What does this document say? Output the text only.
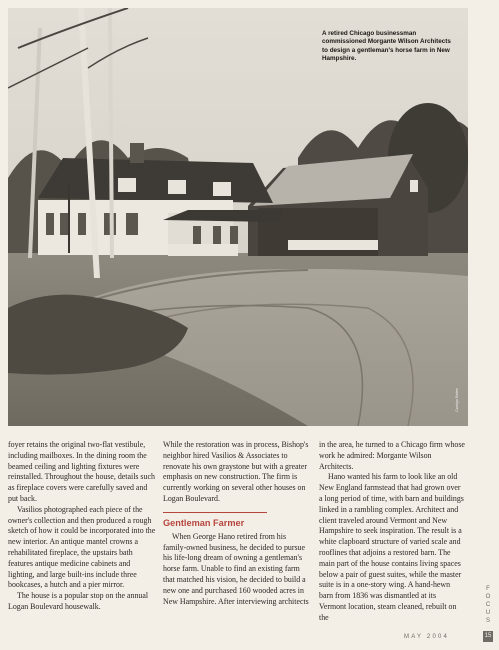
A retired Chicago businessman commissioned Morgante Wilson Architects to design a gentleman's horse farm in New Hampshire.
Carolyn Bates

foyer retains the original two-flat vestibule, including mailboxes. In the dining room the beamed ceiling and lighting fixtures were reinstalled. Throughout the house, details such as fireplace covers were carefully saved and put back.

Vasilios photographed each piece of the owner's collection and then produced a rough sketch of how it could be incorporated into the new interior. An antique mantel crowns a rehabilitated fireplace, the upstairs bath features antique medicine cabinets and lighting, and large built-ins include three bookcases, a hutch and a pier mirror.

The house is a popular stop on the annual Logan Boulevard housewalk.

While the restoration was in process, Bishop's neighbor hired Vasilios & Associates to renovate his own graystone but with a greater emphasis on new construction. The firm is currently working on several other houses on Logan Boulevard.

Gentleman Farmer

When George Hano retired from his family-owned business, he decided to pursue his life-long dream of owning a gentleman's horse farm. Unable to find an existing farm that matched his vision, he decided to build a new one and purchased 160 wooded acres in New Hampshire. After interviewing architects

in the area, he turned to a Chicago firm whose work he admired: Morgante Wilson Architects.

Hano wanted his farm to look like an old New England farmstead that had grown over a long period of time, with barn and buildings linked in a rambling complex. Architect and client traveled around Vermont and New Hampshire to seek inspiration. The result is a white clapboard structure of varied scale and rooflines that adjoins a restored barn. The main part of the house contains living spaces below a pair of guest suites, while the master suite is in a one-story wing. A hand-hewn barn from 1836 was dismantled at its Vermont location, steam cleaned, rebuilt on the

F
O
C
U
S
MAY 2004	15
